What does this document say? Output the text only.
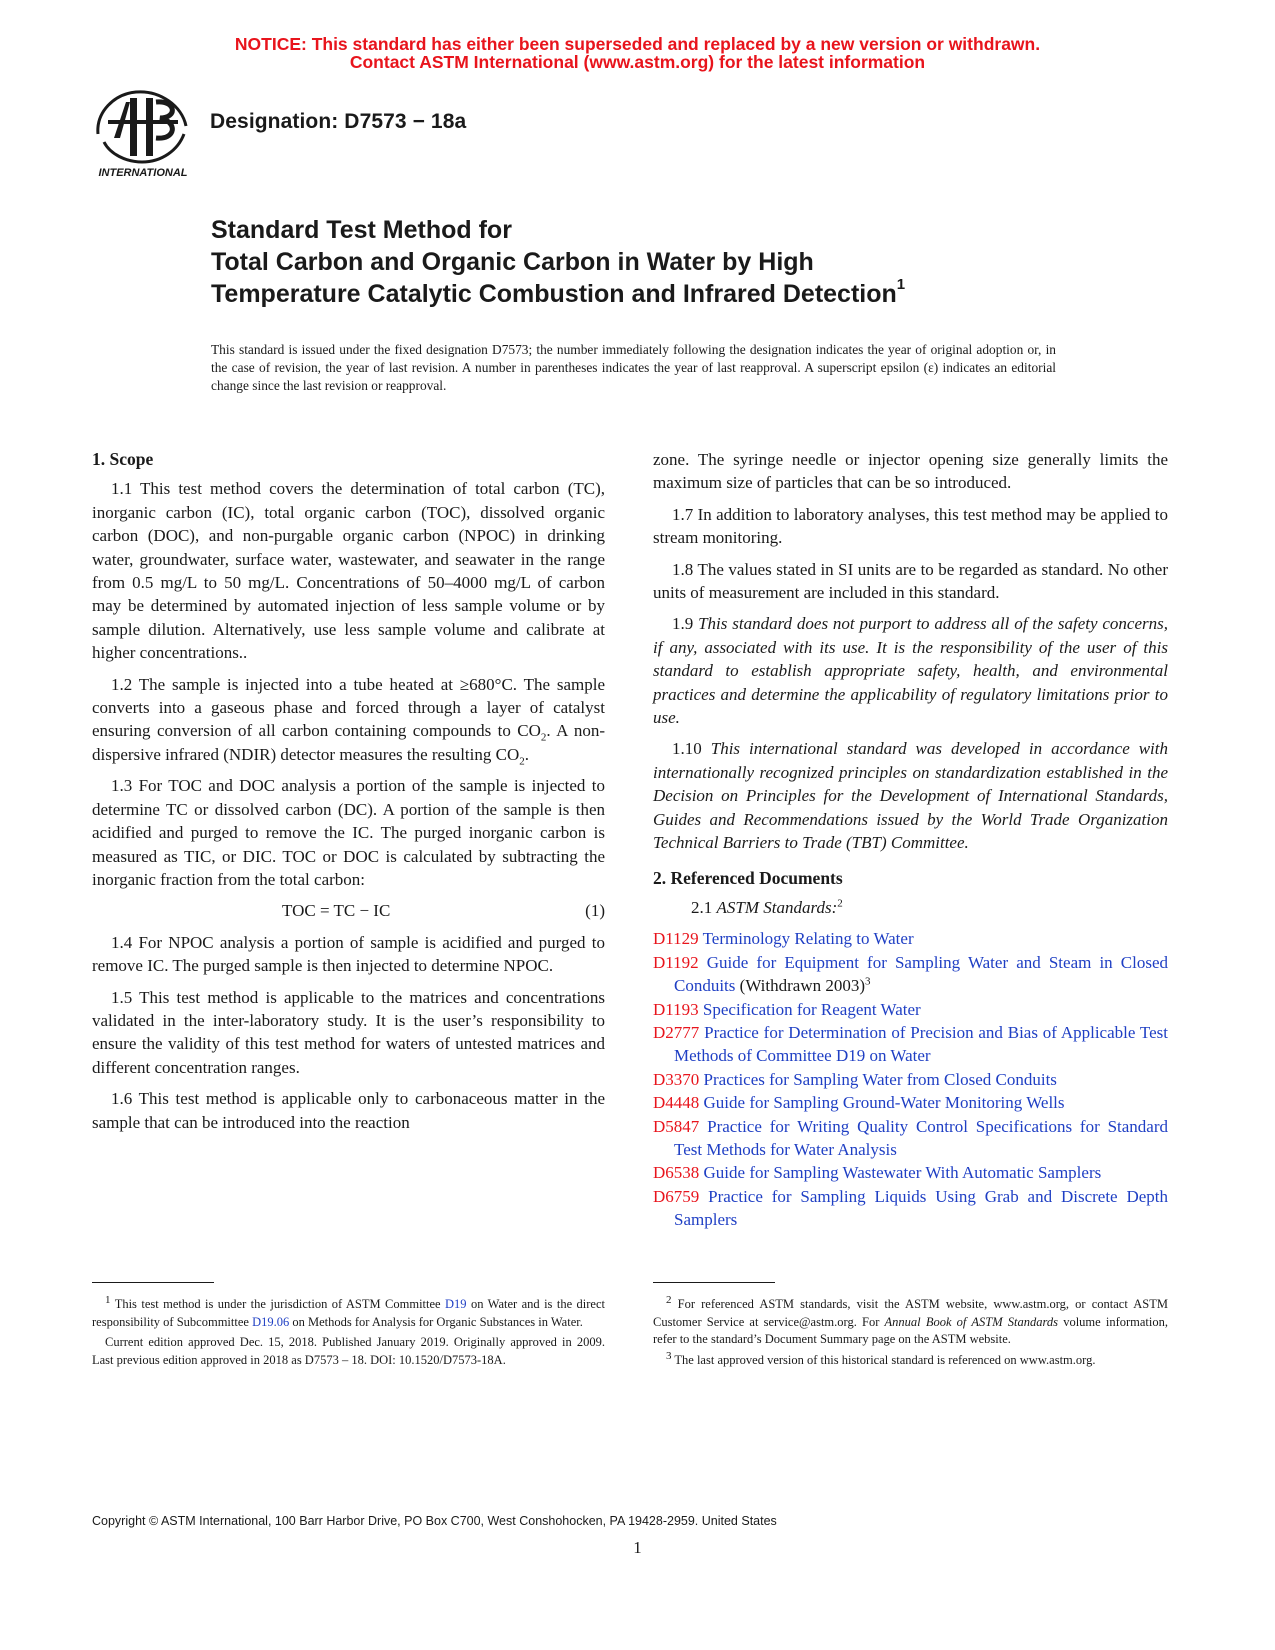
NOTICE: This standard has either been superseded and replaced by a new version or withdrawn.
Contact ASTM International (www.astm.org) for the latest information
INTERNATIONAL
Designation: D7573 − 18a
Standard Test Method for
Total Carbon and Organic Carbon in Water by High
Temperature Catalytic Combustion and Infrared Detection$^1$
This standard is issued under the fixed designation D7573; the number immediately following the designation indicates the year of original adoption or, in the case of revision, the year of last revision. A number in parentheses indicates the year of last reapproval. A superscript epsilon (ε) indicates an editorial change since the last revision or reapproval.
1. Scope

1.1 This test method covers the determination of total carbon (TC), inorganic carbon (IC), total organic carbon (TOC), dissolved organic carbon (DOC), and non-purgable organic carbon (NPOC) in drinking water, groundwater, surface water, wastewater, and seawater in the range from 0.5 mg/L to 50 mg/L. Concentrations of 50–4000 mg/L of carbon may be determined by automated injection of less sample volume or by sample dilution. Alternatively, use less sample volume and calibrate at higher concentrations..

1.2 The sample is injected into a tube heated at ≥680°C. The sample converts into a gaseous phase and forced through a layer of catalyst ensuring conversion of all carbon containing compounds to $CO_2$. A non-dispersive infrared (NDIR) detector measures the resulting $CO_2$.

1.3 For TOC and DOC analysis a portion of the sample is injected to determine TC or dissolved carbon (DC). A portion of the sample is then acidified and purged to remove the IC. The purged inorganic carbon is measured as TIC, or DIC. TOC or DOC is calculated by subtracting the inorganic fraction from the total carbon:

TOC = TC − IC	(1)

1.4 For NPOC analysis a portion of sample is acidified and purged to remove IC. The purged sample is then injected to determine NPOC.

1.5 This test method is applicable to the matrices and concentrations validated in the inter-laboratory study. It is the user’s responsibility to ensure the validity of this test method for waters of untested matrices and different concentration ranges.

1.6 This test method is applicable only to carbonaceous matter in the sample that can be introduced into the reaction

zone. The syringe needle or injector opening size generally limits the maximum size of particles that can be so introduced.

1.7 In addition to laboratory analyses, this test method may be applied to stream monitoring.

1.8 The values stated in SI units are to be regarded as standard. No other units of measurement are included in this standard.

1.9 This standard does not purport to address all of the safety concerns, if any, associated with its use. It is the responsibility of the user of this standard to establish appropriate safety, health, and environmental practices and determine the applicability of regulatory limitations prior to use.

1.10 This international standard was developed in accordance with internationally recognized principles on standardization established in the Decision on Principles for the Development of International Standards, Guides and Recommendations issued by the World Trade Organization Technical Barriers to Trade (TBT) Committee.

2. Referenced Documents

2.1 ASTM Standards:$^2$

D1129 Terminology Relating to Water
D1192 Guide for Equipment for Sampling Water and Steam in Closed Conduits (Withdrawn 2003)$^3$
D1193 Specification for Reagent Water
D2777 Practice for Determination of Precision and Bias of Applicable Test Methods of Committee D19 on Water
D3370 Practices for Sampling Water from Closed Conduits
D4448 Guide for Sampling Ground-Water Monitoring Wells
D5847 Practice for Writing Quality Control Specifications for Standard Test Methods for Water Analysis
D6538 Guide for Sampling Wastewater With Automatic Samplers
D6759 Practice for Sampling Liquids Using Grab and Discrete Depth Samplers

$^1$ This test method is under the jurisdiction of ASTM Committee D19 on Water and is the direct responsibility of Subcommittee D19.06 on Methods for Analysis for Organic Substances in Water.

Current edition approved Dec. 15, 2018. Published January 2019. Originally approved in 2009. Last previous edition approved in 2018 as D7573 – 18. DOI: 10.1520/D7573-18A.

$^2$ For referenced ASTM standards, visit the ASTM website, www.astm.org, or contact ASTM Customer Service at service@astm.org. For Annual Book of ASTM Standards volume information, refer to the standard’s Document Summary page on the ASTM website.

$^3$ The last approved version of this historical standard is referenced on www.astm.org.

Copyright © ASTM International, 100 Barr Harbor Drive, PO Box C700, West Conshohocken, PA 19428-2959. United States
1
